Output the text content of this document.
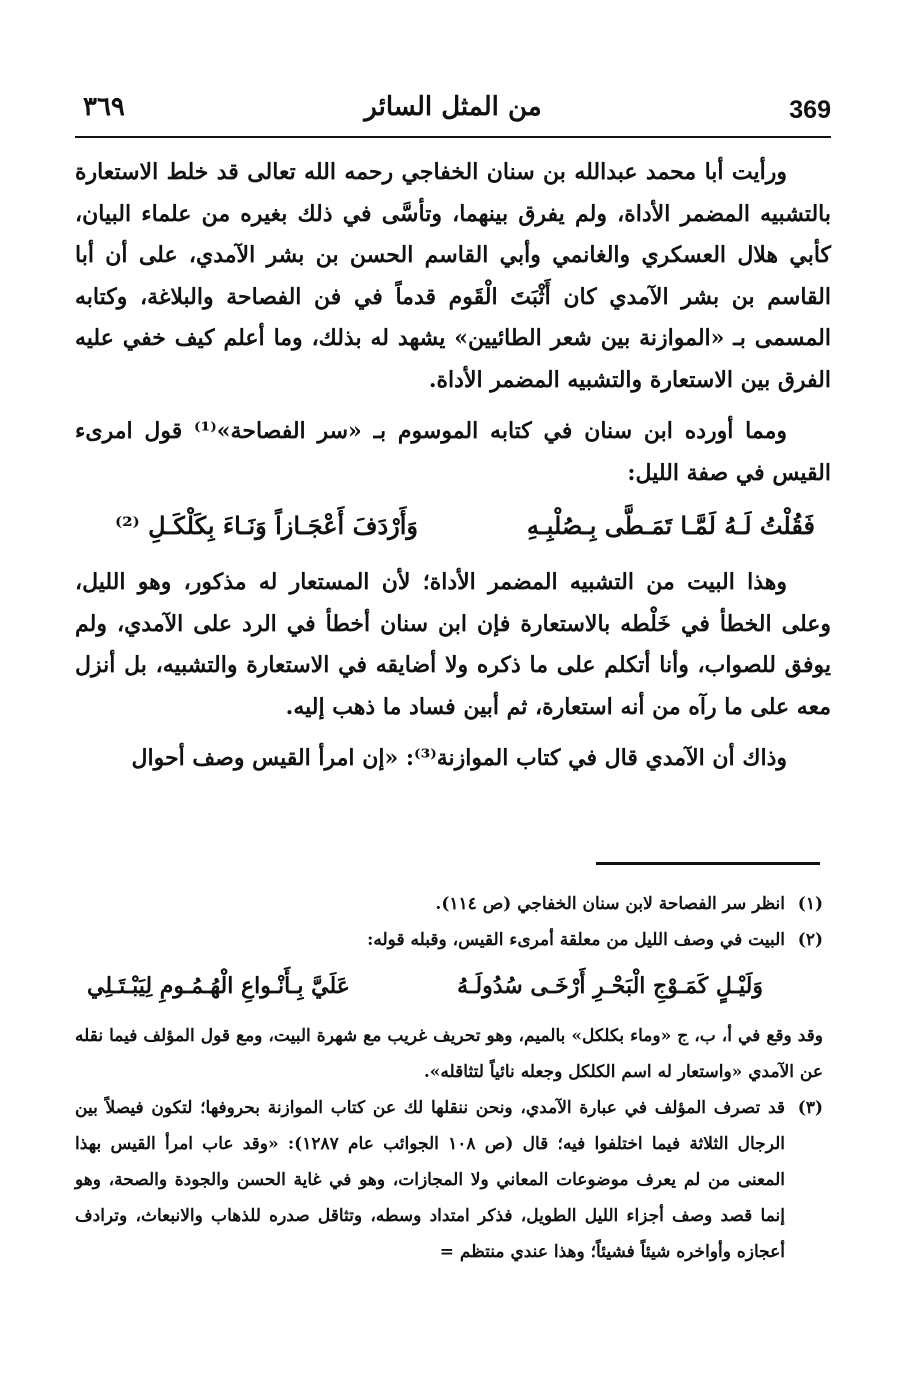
369
من المثل السائر
٣٦٩

ورأيت أبا محمد عبدالله بن سنان الخفاجي رحمه الله تعالى قد خلط الاستعارة بالتشبيه المضمر الأداة، ولم يفرق بينهما، وتأسَّى في ذلك بغيره من علماء البيان، كأبي هلال العسكري والغانمي وأبي القاسم الحسن بن بشر الآمدي، على أن أبا القاسم بن بشر الآمدي كان أَثْبَتَ الْقَوم قدماً في فن الفصاحة والبلاغة، وكتابه المسمى بـ «الموازنة بين شعر الطائيين» يشهد له بذلك، وما أعلم كيف خفي عليه الفرق بين الاستعارة والتشبيه المضمر الأداة.

ومما أورده ابن سنان في كتابه الموسوم بـ «سر الفصاحة»⁽¹⁾ قول امرىء القيس في صفة الليل:

فَقُلْتُ لَـهُ لَمَّـا تَمَـطَّى بِـصُلْبِـهِ
وَأَرْدَفَ أَعْجَـازاً وَنَـاءَ بِكَلْكَـلِ ⁽²⁾

وهذا البيت من التشبيه المضمر الأداة؛ لأن المستعار له مذكور، وهو الليل، وعلى الخطأ في خَلْطه بالاستعارة فإن ابن سنان أخطأ في الرد على الآمدي، ولم يوفق للصواب، وأنا أتكلم على ما ذكره ولا أضايقه في الاستعارة والتشبيه، بل أنزل معه على ما رآه من أنه استعارة، ثم أبين فساد ما ذهب إليه.

وذاك أن الآمدي قال في كتاب الموازنة⁽³⁾: «إن امرأ القيس وصف أحوال

(١)انظر سر الفصاحة لابن سنان الخفاجي (ص ١١٤).

(٢)البيت في وصف الليل من معلقة أمرىء القيس، وقبله قوله:

وَلَيْـلٍ كَمَـوْجِ الْبَحْـرِ أَرْخَـى سُدُولَـهُ
عَلَيَّ بِـأَنْـواعِ الْهُـمُـومِ لِيَبْـتَـلِي

وقد وقع في أ، ب، ج «وماء بكلكل» بالميم، وهو تحريف غريب مع شهرة البيت، ومع قول المؤلف فيما نقله عن الآمدي «واستعار له اسم الكلكل وجعله نائياً لتثاقله».

(٣)قد تصرف المؤلف في عبارة الآمدي، ونحن ننقلها لك عن كتاب الموازنة بحروفها؛ لتكون فيصلاً بين الرجال الثلاثة فيما اختلفوا فيه؛ قال (ص ١٠٨ الجوائب عام ١٢٨٧): «وقد عاب امرأ القيس بهذا المعنى من لم يعرف موضوعات المعاني ولا المجازات، وهو في غاية الحسن والجودة والصحة، وهو إنما قصد وصف أجزاء الليل الطويل، فذكر امتداد وسطه، وتثاقل صدره للذهاب والانبعاث، وترادف أعجازه وأواخره شيئاً فشيئاً؛ وهذا عندي منتظم =
